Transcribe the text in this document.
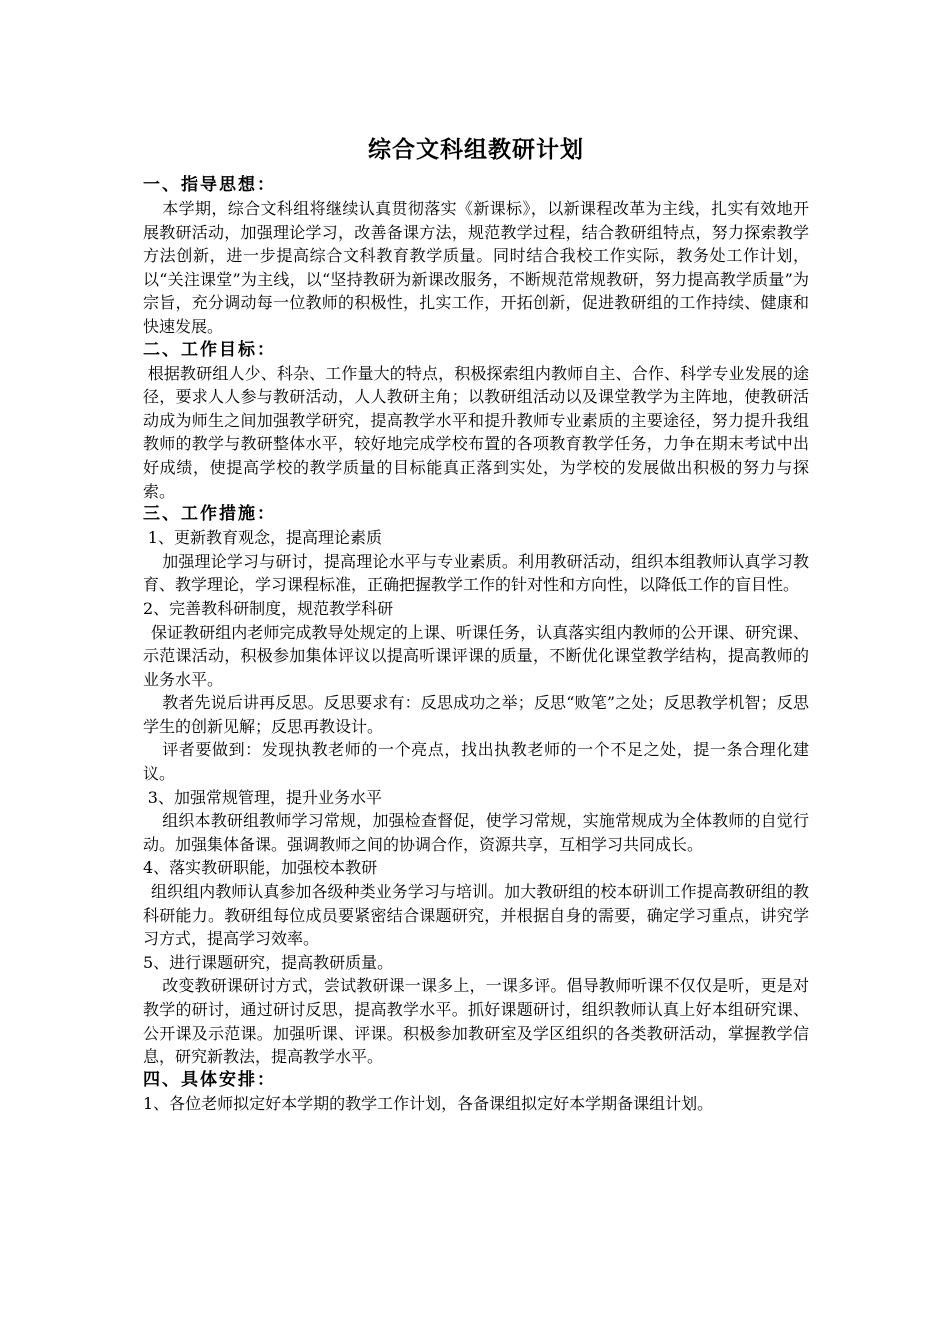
综合文科组教研计划
一、指导思想：

本学期，综合文科组将继续认真贯彻落实《新课标》，以新课程改革为主线，扎实有效地开展教研活动，加强理论学习，改善备课方法，规范教学过程，结合教研组特点，努力探索教学方法创新，进一步提高综合文科教育教学质量。同时结合我校工作实际，教务处工作计划，以“关注课堂”为主线，以“坚持教研为新课改服务，不断规范常规教研，努力提高教学质量”为宗旨，充分调动每一位教师的积极性，扎实工作，开拓创新，促进教研组的工作持续、健康和快速发展。

二、工作目标：

根据教研组人少、科杂、工作量大的特点，积极探索组内教师自主、合作、科学专业发展的途径，要求人人参与教研活动，人人教研主角；以教研组活动以及课堂教学为主阵地，使教研活动成为师生之间加强教学研究，提高教学水平和提升教师专业素质的主要途径，努力提升我组教师的教学与教研整体水平，较好地完成学校布置的各项教育教学任务，力争在期末考试中出好成绩，使提高学校的教学质量的目标能真正落到实处，为学校的发展做出积极的努力与探索。

三、工作措施：

1、更新教育观念，提高理论素质

加强理论学习与研讨，提高理论水平与专业素质。利用教研活动，组织本组教师认真学习教育、教学理论，学习课程标准，正确把握教学工作的针对性和方向性，以降低工作的盲目性。

2、完善教科研制度，规范教学科研

保证教研组内老师完成教导处规定的上课、听课任务，认真落实组内教师的公开课、研究课、示范课活动，积极参加集体评议以提高听课评课的质量，不断优化课堂教学结构，提高教师的业务水平。

教者先说后讲再反思。反思要求有：反思成功之举；反思“败笔”之处；反思教学机智；反思学生的创新见解；反思再教设计。

评者要做到：发现执教老师的一个亮点，找出执教老师的一个不足之处，提一条合理化建议。

3、加强常规管理，提升业务水平

组织本教研组教师学习常规，加强检查督促，使学习常规，实施常规成为全体教师的自觉行动。加强集体备课。强调教师之间的协调合作，资源共享，互相学习共同成长。

4、落实教研职能，加强校本教研

组织组内教师认真参加各级种类业务学习与培训。加大教研组的校本研训工作提高教研组的教科研能力。教研组每位成员要紧密结合课题研究，并根据自身的需要，确定学习重点，讲究学习方式，提高学习效率。

5、进行课题研究，提高教研质量。

改变教研课研讨方式，尝试教研课一课多上，一课多评。倡导教师听课不仅仅是听，更是对教学的研讨，通过研讨反思，提高教学水平。抓好课题研讨，组织教师认真上好本组研究课、公开课及示范课。加强听课、评课。积极参加教研室及学区组织的各类教研活动，掌握教学信息，研究新教法，提高教学水平。

四、具体安排：

1、各位老师拟定好本学期的教学工作计划，各备课组拟定好本学期备课组计划。
